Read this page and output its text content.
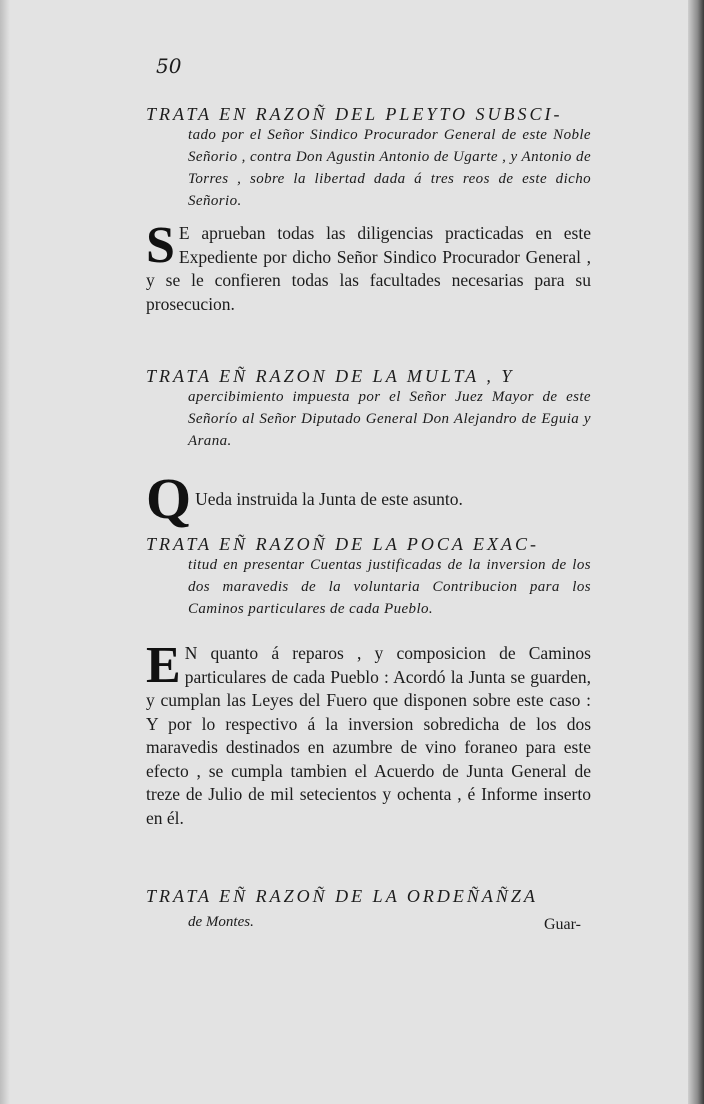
50
TRATA EN RAZOÑ DEL PLEYTO SUBSCI-
tado por el Señor Sindico Procurador General de este Noble Señorio , contra Don Agustin Antonio de Ugarte , y Antonio de Torres , sobre la libertad dada á tres reos de este dicho Señorio.
S E aprueban todas las diligencias practicadas en este Expediente por dicho Señor Sindico Procurador General , y se le confieren todas las facultades necesarias para su prosecucion.
TRATA EÑ RAZON DE LA MULTA , Y
apercibimiento impuesta por el Señor Juez Mayor de este Señorío al Señor Diputado General Don Alejandro de Eguia y Arana.
Q Ueda instruida la Junta de este asunto.
TRATA EÑ RAZOÑ DE LA POCA EXAC-
titud en presentar Cuentas justificadas de la inversion de los dos maravedis de la voluntaria Contribucion para los Caminos particulares de cada Pueblo.
E N quanto á reparos , y composicion de Caminos particulares de cada Pueblo : Acordó la Junta se guarden, y cumplan las Leyes del Fuero que disponen sobre este caso : Y por lo respectivo á la inversion sobredicha de los dos maravedis destinados en azumbre de vino foraneo para este efecto , se cumpla tambien el Acuerdo de Junta General de treze de Julio de mil setecientos y ochenta , é Informe inserto en él.
TRATA EÑ RAZOÑ DE LA ORDEÑAÑZA
de Montes.	Guar-
